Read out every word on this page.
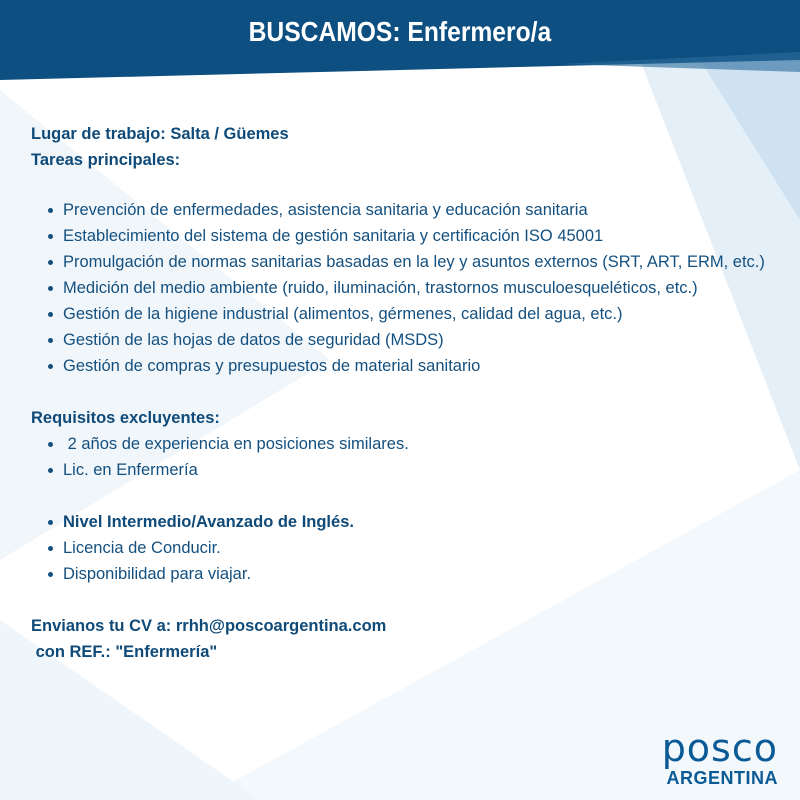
BUSCAMOS: Enfermero/a
Lugar de trabajo: Salta / Güemes
Tareas principales:
Prevención de enfermedades, asistencia sanitaria y educación sanitaria
Establecimiento del sistema de gestión sanitaria y certificación ISO 45001
Promulgación de normas sanitarias basadas en la ley y asuntos externos (SRT, ART, ERM, etc.)
Medición del medio ambiente (ruido, iluminación, trastornos musculoesqueléticos, etc.)
Gestión de la higiene industrial (alimentos, gérmenes, calidad del agua, etc.)
Gestión de las hojas de datos de seguridad (MSDS)
Gestión de compras y presupuestos de material sanitario
Requisitos excluyentes:
2 años de experiencia en posiciones similares.
Lic. en Enfermería
Nivel Intermedio/Avanzado de Inglés.
Licencia de Conducir.
Disponibilidad para viajar.
Envianos tu CV a: rrhh@poscoargentina.com
con REF.: "Enfermería"
posco
ARGENTINA
